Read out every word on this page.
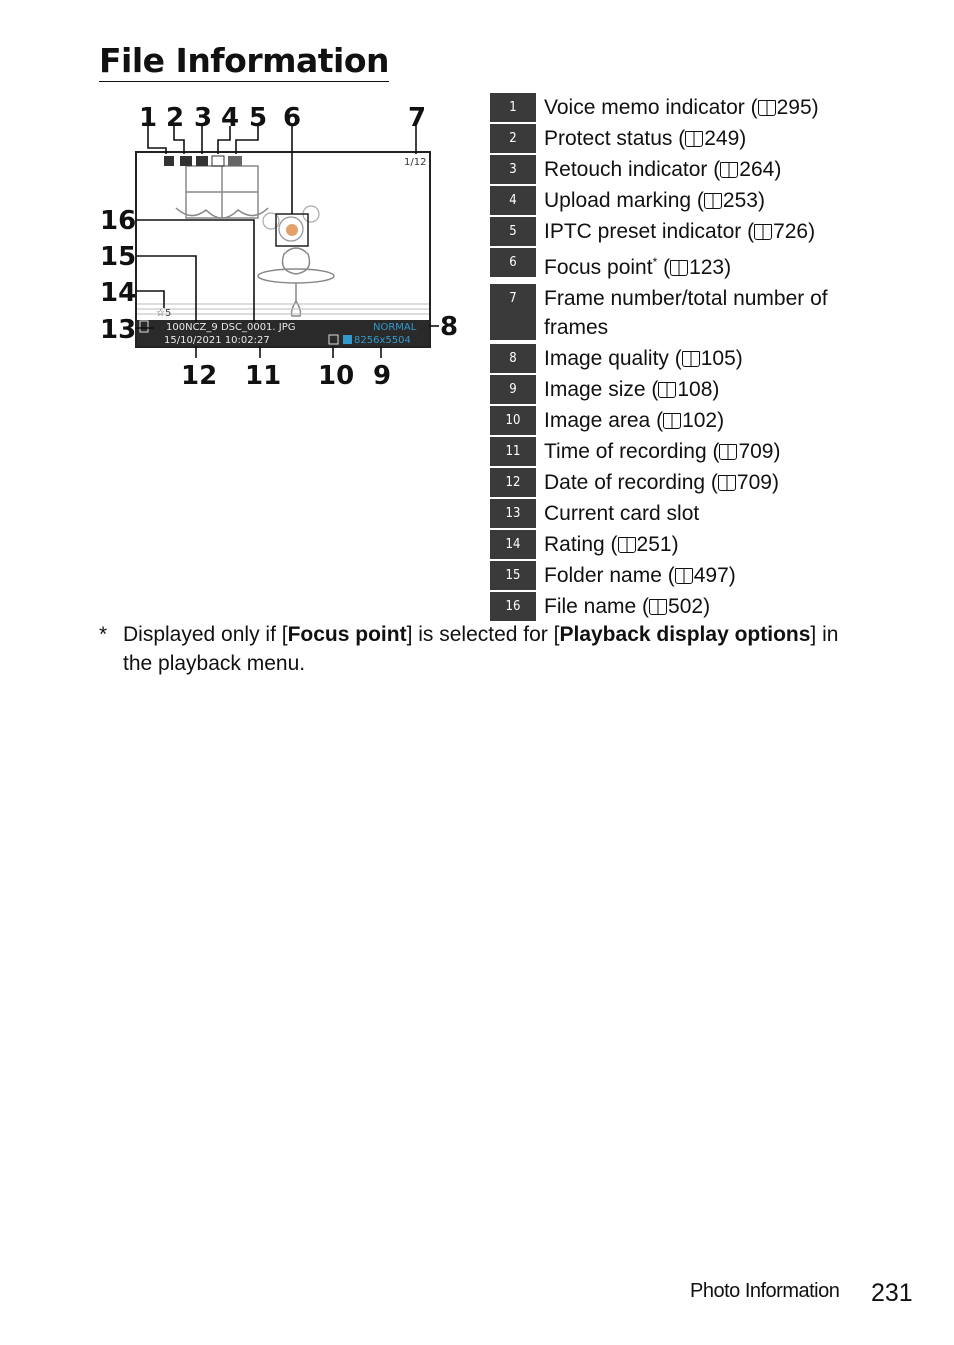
File Information
100NCZ_9 DSC_0001. JPG	NORMAL
15/10/2021 10:02:27	8256x5504
☆5
1/12
1 2 3 4 5 6	7
8
9
10
11
12
13
14
15
16
1	Voice memo indicator ( 295)
2	Protect status ( 249)
3	Retouch indicator ( 264)
4	Upload marking ( 253)
5	IPTC preset indicator ( 726)
6	Focus point* ( 123)
7	Frame number/total number of frames
8	Image quality ( 105)
9	Image size ( 108)
10	Image area ( 102)
11	Time of recording ( 709)
12	Date of recording ( 709)
13	Current card slot
14	Rating ( 251)
15	Folder name ( 497)
16	File name ( 502)
* Displayed only if [Focus point] is selected for [Playback display options] in the playback menu.
Photo Information 231
